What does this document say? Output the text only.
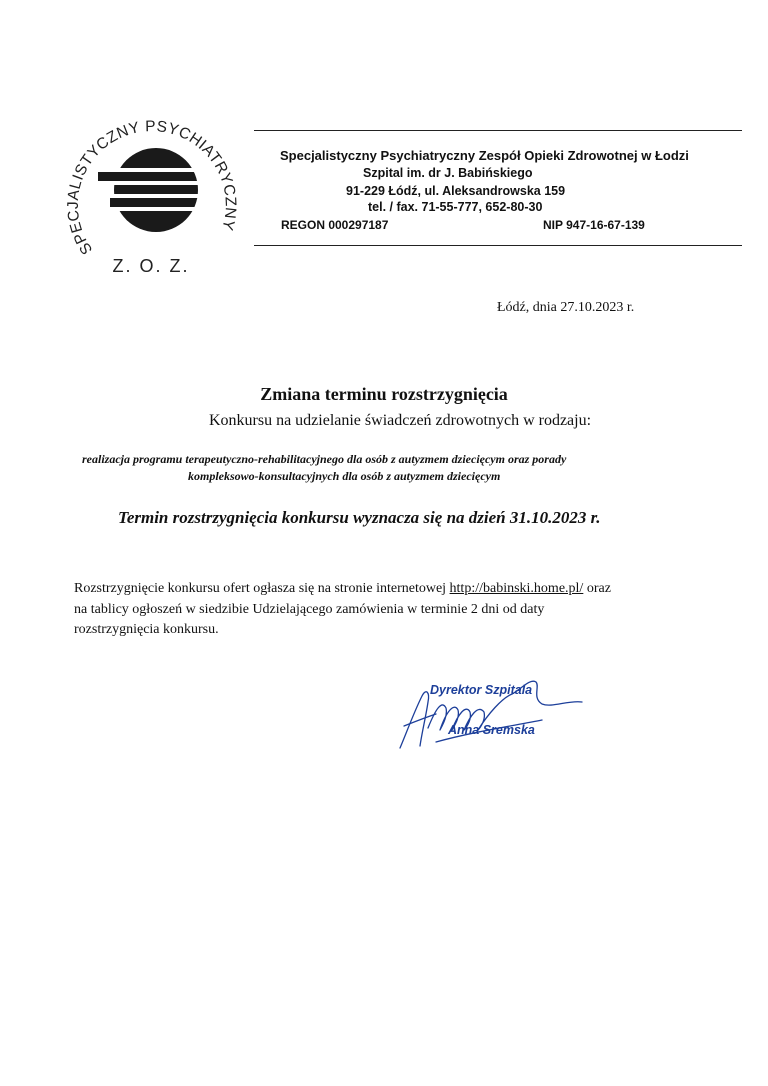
SPECJALISTYCZNY PSYCHIATRYCZNY
Z. O. Z.
Specjalistyczny Psychiatryczny Zespół Opieki Zdrowotnej w Łodzi
Szpital im. dr J. Babińskiego
91-229 Łódź, ul. Aleksandrowska 159
tel. / fax. 71-55-777, 652-80-30
REGON 000297187	NIP 947-16-67-139
Łódź, dnia 27.10.2023 r.
Zmiana terminu rozstrzygnięcia
Konkursu na udzielanie świadczeń zdrowotnych w rodzaju:
realizacja programu terapeutyczno-rehabilitacyjnego dla osób z autyzmem dziecięcym oraz porady
kompleksowo-konsultacyjnych dla osób z autyzmem dziecięcym
Termin rozstrzygnięcia konkursu wyznacza się na dzień 31.10.2023 r.
Rozstrzygnięcie konkursu ofert ogłasza się na stronie internetowej http://babinski.home.pl/ oraz
na tablicy ogłoszeń w siedzibie Udzielającego zamówienia w terminie 2 dni od daty
rozstrzygnięcia konkursu.
Dyrektor Szpitala
Anna Sremska
